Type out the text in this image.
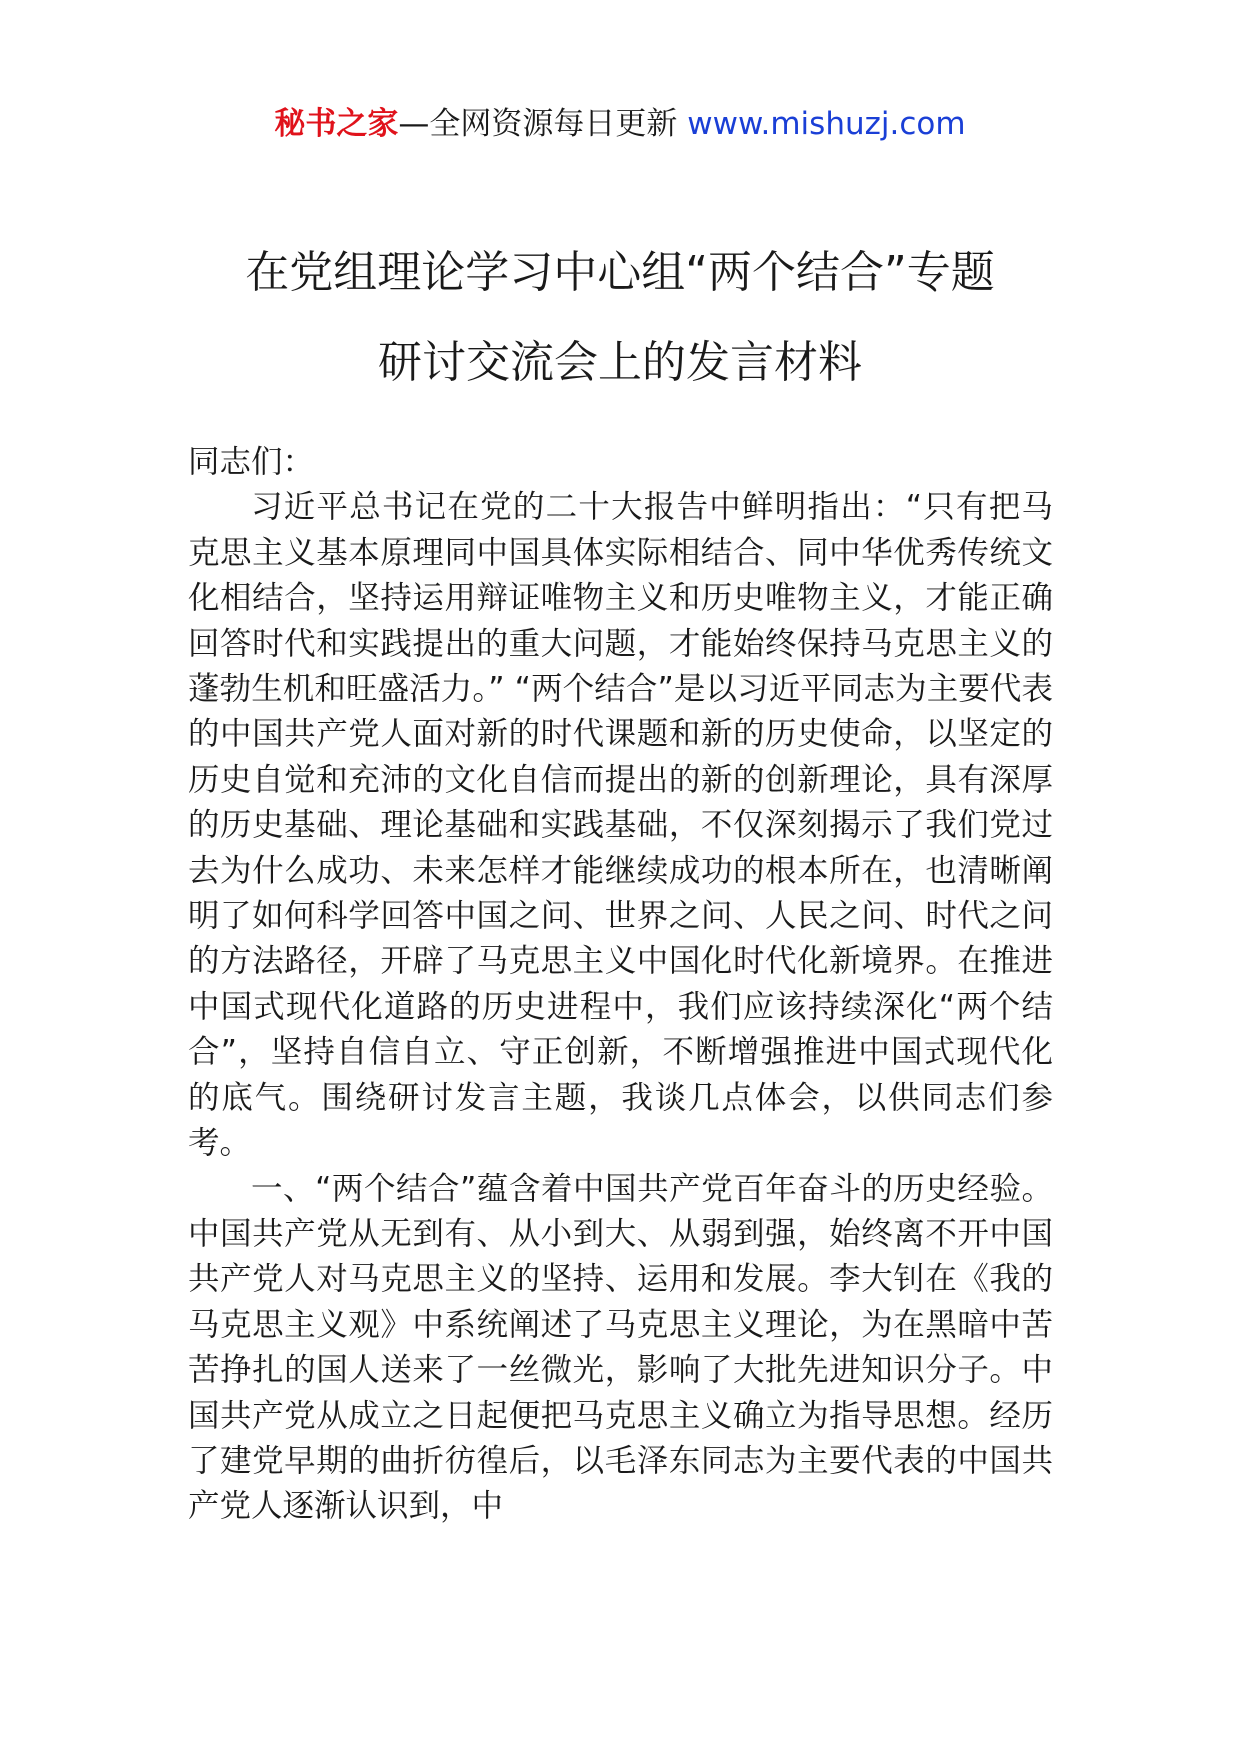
秘书之家—全网资源每日更新 www.mishuzj.com
在党组理论学习中心组“两个结合”专题
研讨交流会上的发言材料

同志们：

习近平总书记在党的二十大报告中鲜明指出：“只有把马克思主义基本原理同中国具体实际相结合、同中华优秀传统文化相结合，坚持运用辩证唯物主义和历史唯物主义，才能正确回答时代和实践提出的重大问题，才能始终保持马克思主义的蓬勃生机和旺盛活力。” “两个结合”是以习近平同志为主要代表的中国共产党人面对新的时代课题和新的历史使命，以坚定的历史自觉和充沛的文化自信而提出的新的创新理论，具有深厚的历史基础、理论基础和实践基础，不仅深刻揭示了我们党过去为什么成功、未来怎样才能继续成功的根本所在，也清晰阐明了如何科学回答中国之问、世界之问、人民之问、时代之问的方法路径，开辟了马克思主义中国化时代化新境界。在推进中国式现代化道路的历史进程中，我们应该持续深化“两个结合”，坚持自信自立、守正创新，不断增强推进中国式现代化的底气。围绕研讨发言主题，我谈几点体会，以供同志们参考。

一、“两个结合”蕴含着中国共产党百年奋斗的历史经验。中国共产党从无到有、从小到大、从弱到强，始终离不开中国共产党人对马克思主义的坚持、运用和发展。李大钊在《我的马克思主义观》中系统阐述了马克思主义理论，为在黑暗中苦苦挣扎的国人送来了一丝微光，影响了大批先进知识分子。中国共产党从成立之日起便把马克思主义确立为指导思想。经历了建党早期的曲折彷徨后，以毛泽东同志为主要代表的中国共产党人逐渐认识到，中
